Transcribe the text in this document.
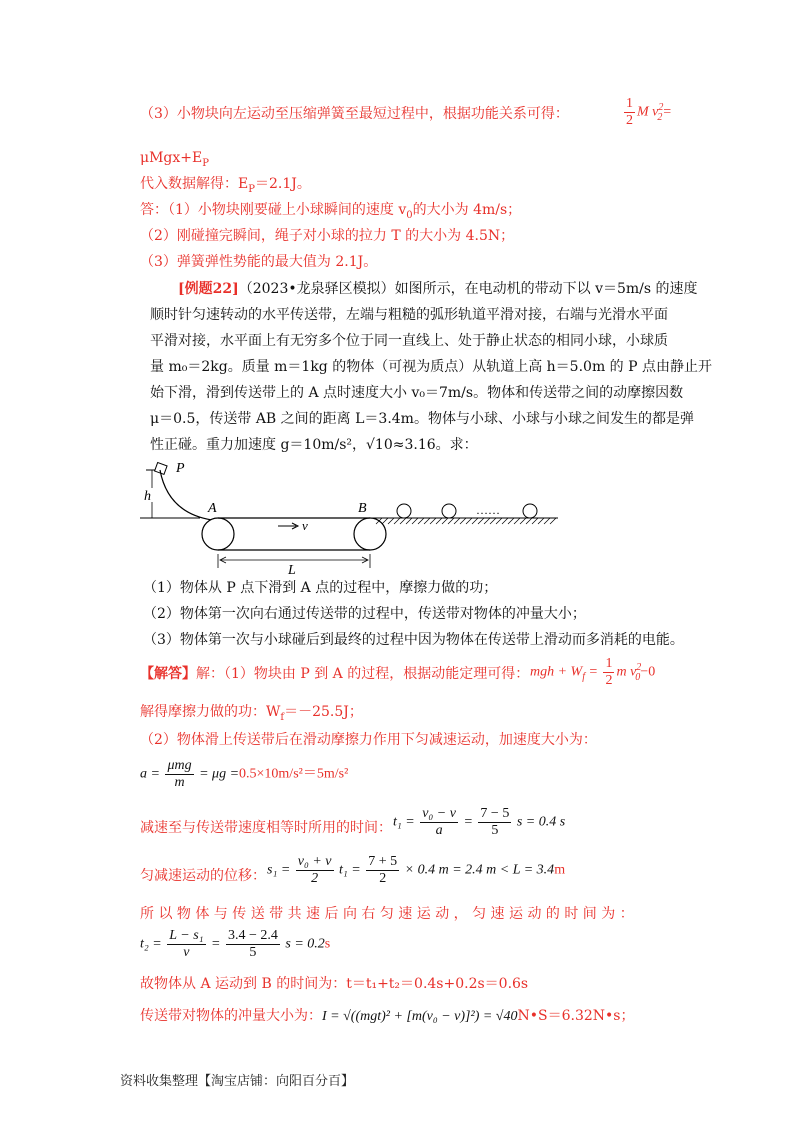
（3）小物块向左运动至压缩弹簧至最短过程中，根据功能关系可得：	$\frac{1}{2}$ M $v^2_2=$
$\mu Mgx+E_P$
代入数据解得：$E_P=2.1J$。
答：（1）小物块刚要碰上小球瞬间的速度 $v_0$的大小为 4m/s；
（2）刚碰撞完瞬间，绳子对小球的拉力 T 的大小为 4.5N；
（3）弹簧弹性势能的最大值为 2.1J。
[例题22]（2023•龙泉驿区模拟）如图所示，在电动机的带动下以 v＝5m/s 的速度
顺时针匀速转动的水平传送带，左端与粗糙的弧形轨道平滑对接，右端与光滑水平面
平滑对接，水平面上有无穷多个位于同一直线上、处于静止状态的相同小球，小球质
量 m₀＝2kg。质量 m＝1kg 的物体（可视为质点）从轨道上高 h＝5.0m 的 P 点由静止开
始下滑，滑到传送带上的 A 点时速度大小 v₀＝7m/s。物体和传送带之间的动摩擦因数
μ＝0.5，传送带 AB 之间的距离 L＝3.4m。物体与小球、小球与小球之间发生的都是弹
性正碰。重力加速度 g＝10m/s²，√10≈3.16。求：
P
h
A	B
v
L
……
（1）物体从 P 点下滑到 A 点的过程中，摩擦力做的功；
（2）物体第一次向右通过传送带的过程中，传送带对物体的冲量大小；
（3）物体第一次与小球碰后到最终的过程中因为物体在传送带上滑动而多消耗的电能。
【解答】解：（1）物块由 P 到 A 的过程，根据动能定理可得： mgh + $W_f = \frac{1}{2}$ m $v^2_0-0$
解得摩擦力做的功：$W_f=-25.5J$；
（2）物体滑上传送带后在滑动摩擦力作用下匀减速运动，加速度大小为：
$a = \frac{\text{μmg}}{m} = \mu g =0.5\times 10m/s^2=5m/s^2$
减速至与传送带速度相等时所用的时间： $t_1 = \frac{\text{v₀ − v}}{a} = \frac{7 - 5}{5}$ s = 0.4 s
匀减速运动的位移： $s_1 = \frac{\text{v₀ + v}}{2} t_1 = \frac{7 + 5}{2} \times 0.4$ m = 2.4 m < L = 3.4m
所 以 物 体 与 传 送 带 共 速 后 向 右 匀 速 运 动 ， 匀 速 运 动 的 时 间 为 ：
$t_2 = \frac{\text{L − s₁}}{v} = \frac{3.4 - 2.4}{5}$ s = 0.2s
故物体从 A 运动到 B 的时间为：t＝t₁+t₂＝0.4s+0.2s＝0.6s
传送带对物体的冲量大小为：I = √((mgt)² + [m(v₀ − v)]²) = √40N•S＝6.32N•s；
资料收集整理【淘宝店铺：向阳百分百】
